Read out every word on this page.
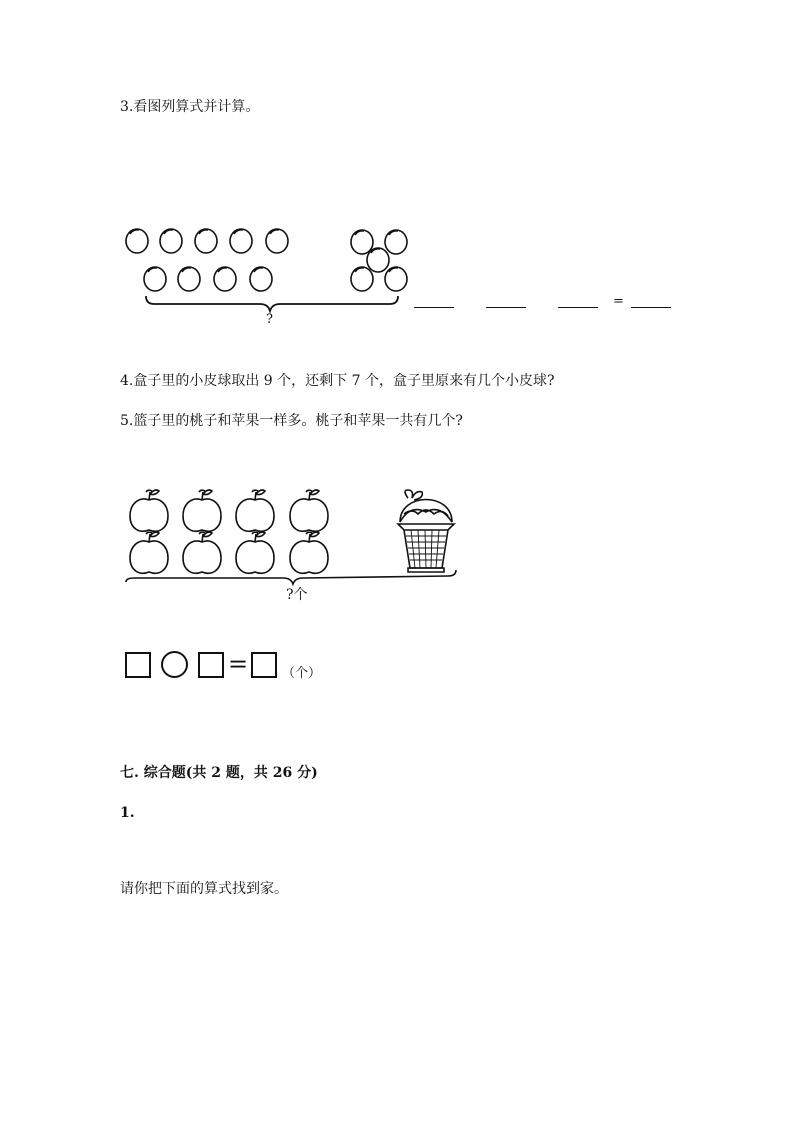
3.看图列算式并计算。
?
=
4.盒子里的小皮球取出 9 个，还剩下 7 个，盒子里原来有几个小皮球?
5.篮子里的桃子和苹果一样多。桃子和苹果一共有几个?
?个
=	（个）
七. 综合题(共 2 题，共 26 分)
1.
请你把下面的算式找到家。
